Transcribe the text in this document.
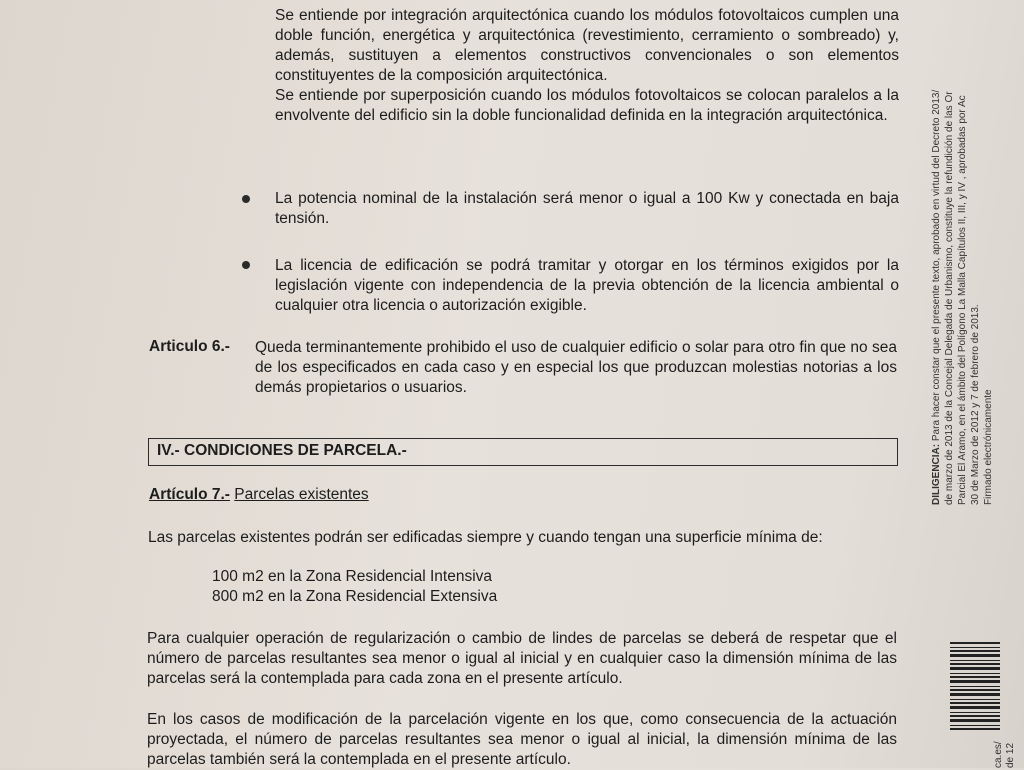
Se entiende por integración arquitectónica cuando los módulos fotovoltaicos cumplen una doble función, energética y arquitectónica (revestimiento, cerramiento o sombreado) y, además, sustituyen a elementos constructivos convencionales o son elementos constituyentes de la composición arquitectónica.

Se entiende por superposición cuando los módulos fotovoltaicos se colocan paralelos a la envolvente del edificio sin la doble funcionalidad definida en la integración arquitectónica.

La potencia nominal de la instalación será menor o igual a 100 Kw y conectada en baja tensión.

La licencia de edificación se podrá tramitar y otorgar en los términos exigidos por la legislación vigente con independencia de la previa obtención de la licencia ambiental o cualquier otra licencia o autorización exigible.

Articulo 6.- Queda terminantemente prohibido el uso de cualquier edificio o solar para otro fin que no sea de los especificados en cada caso y en especial los que produzcan molestias notorias a los demás propietarios o usuarios.
IV.- CONDICIONES DE PARCELA.-
Artículo 7.- Parcelas existentes
Las parcelas existentes podrán ser edificadas siempre y cuando tengan una superficie mínima de:
100 m2 en la Zona Residencial Intensiva
800 m2 en la Zona Residencial Extensiva
Para cualquier operación de regularización o cambio de lindes de parcelas se deberá de respetar que el número de parcelas resultantes sea menor o igual al inicial y en cualquier caso la dimensión mínima de las parcelas será la contemplada para cada zona en el presente artículo.
En los casos de modificación de la parcelación vigente en los que, como consecuencia de la actuación proyectada, el número de parcelas resultantes sea menor o igual al inicial, la dimensión mínima de las parcelas también será la contemplada en el presente artículo.

DILIGENCIA: Para hacer constar que el presente texto, aprobado en virtud del Decreto 2013/ de marzo de 2013 de la Concejal Delegada de Urbanismo, constituye la refundición de las Or Parcial El Aramo, en el ámbito del Polígono La Malla Capítulos II, III, y IV , aprobadas por Ac 30 de Marzo de 2012 y 7 de febrero de 2013. Firmado electrónicamente

ca.es/ de 12
